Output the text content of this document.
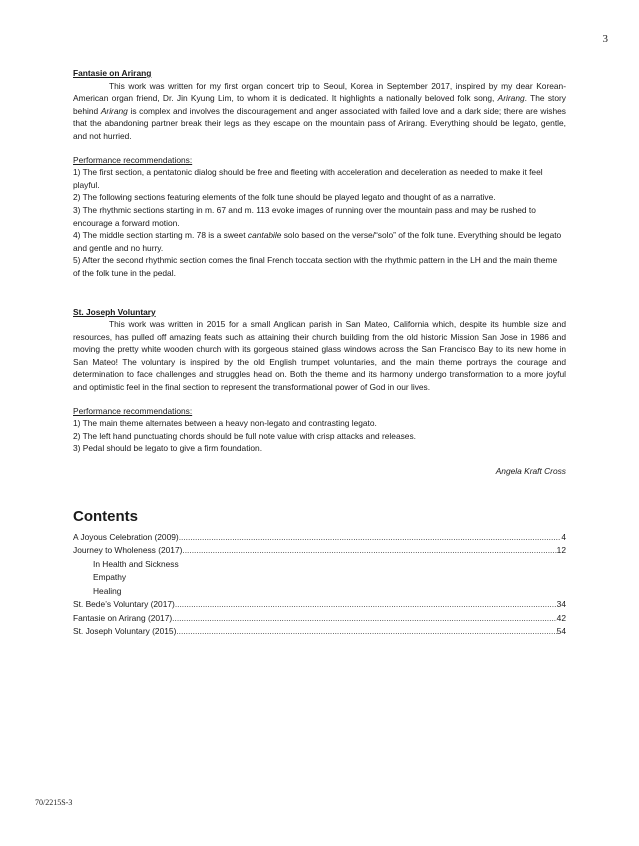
3

Fantasie on Arirang

This work was written for my first organ concert trip to Seoul, Korea in September 2017, inspired by my dear Korean-American organ friend, Dr. Jin Kyung Lim, to whom it is dedicated. It highlights a nationally beloved folk song, Arirang. The story behind Arirang is complex and involves the discouragement and anger associated with failed love and a dark side; there are wishes that the abandoning partner break their legs as they escape on the mountain pass of Arirang. Everything should be legato, gentle, and not hurried.

Performance recommendations:

1) The first section, a pentatonic dialog should be free and fleeting with acceleration and deceleration as needed to make it feel playful.

2) The following sections featuring elements of the folk tune should be played legato and thought of as a narrative.

3) The rhythmic sections starting in m. 67 and m. 113 evoke images of running over the mountain pass and may be rushed to encourage a forward motion.

4) The middle section starting m. 78 is a sweet cantabile solo based on the verse/“solo” of the folk tune. Everything should be legato and gentle and no hurry.

5) After the second rhythmic section comes the final French toccata section with the rhythmic pattern in the LH and the main theme of the folk tune in the pedal.

St. Joseph Voluntary

This work was written in 2015 for a small Anglican parish in San Mateo, California which, despite its humble size and resources, has pulled off amazing feats such as attaining their church building from the old historic Mission San Jose in 1986 and moving the pretty white wooden church with its gorgeous stained glass windows across the San Francisco Bay to its new home in San Mateo! The voluntary is inspired by the old English trumpet voluntaries, and the main theme portrays the courage and determination to face challenges and struggles head on. Both the theme and its harmony undergo transformation to a more joyful and optimistic feel in the final section to represent the transformational power of God in our lives.

Performance recommendations:

1) The main theme alternates between a heavy non-legato and contrasting legato.

2) The left hand punctuating chords should be full note value with crisp attacks and releases.

3) Pedal should be legato to give a firm foundation.

Angela Kraft Cross
Contents
A Joyous Celebration (2009) .....	4
Journey to Wholeness (2017) .....	12
In Health and Sickness
Empathy
Healing
St. Bede’s Voluntary (2017) .....	34
Fantasie on Arirang (2017) .....	42
St. Joseph Voluntary (2015) .....	54
70/2215S-3
